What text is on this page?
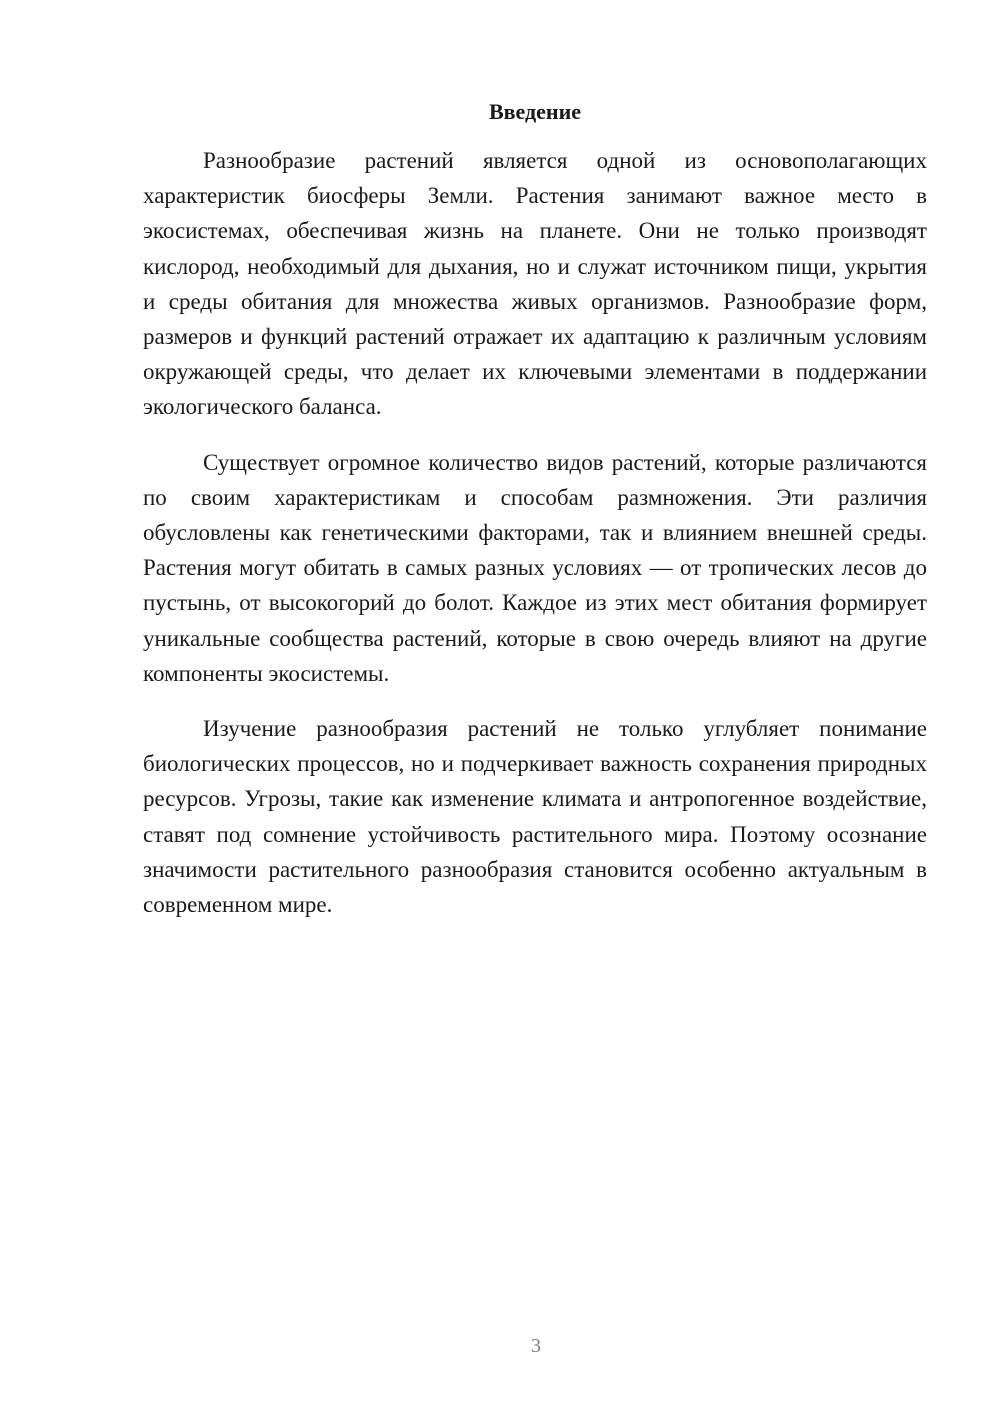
Введение

Разнообразие растений является одной из основополагающих характеристик биосферы Земли. Растения занимают важное место в экосистемах, обеспечивая жизнь на планете. Они не только производят кислород, необходимый для дыхания, но и служат источником пищи, укрытия и среды обитания для множества живых организмов. Разнообразие форм, размеров и функций растений отражает их адаптацию к различным условиям окружающей среды, что делает их ключевыми элементами в поддержании экологического баланса.

Существует огромное количество видов растений, которые различаются по своим характеристикам и способам размножения. Эти различия обусловлены как генетическими факторами, так и влиянием внешней среды. Растения могут обитать в самых разных условиях — от тропических лесов до пустынь, от высокогорий до болот. Каждое из этих мест обитания формирует уникальные сообщества растений, которые в свою очередь влияют на другие компоненты экосистемы.

Изучение разнообразия растений не только углубляет понимание биологических процессов, но и подчеркивает важность сохранения природных ресурсов. Угрозы, такие как изменение климата и антропогенное воздействие, ставят под сомнение устойчивость растительного мира. Поэтому осознание значимости растительного разнообразия становится особенно актуальным в современном мире.

3
